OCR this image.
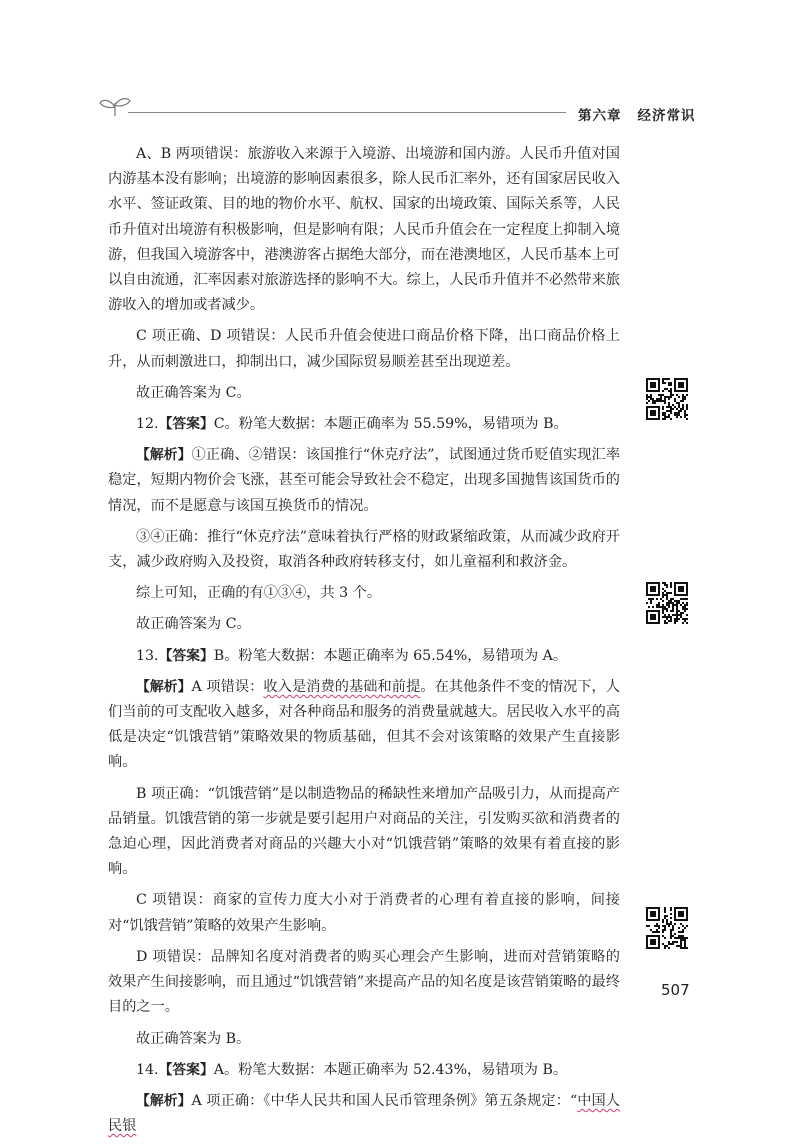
第六章 经济常识

A、B 两项错误：旅游收入来源于入境游、出境游和国内游。人民币升值对国内游基本没有影响；出境游的影响因素很多，除人民币汇率外，还有国家居民收入水平、签证政策、目的地的物价水平、航权、国家的出境政策、国际关系等，人民币升值对出境游有积极影响，但是影响有限；人民币升值会在一定程度上抑制入境游，但我国入境游客中，港澳游客占据绝大部分，而在港澳地区，人民币基本上可以自由流通，汇率因素对旅游选择的影响不大。综上，人民币升值并不必然带来旅游收入的增加或者减少。

C 项正确、D 项错误：人民币升值会使进口商品价格下降，出口商品价格上升，从而刺激进口，抑制出口，减少国际贸易顺差甚至出现逆差。

故正确答案为 C。

12.【答案】C。粉笔大数据：本题正确率为 55.59%，易错项为 B。

【解析】①正确、②错误：该国推行“休克疗法”，试图通过货币贬值实现汇率稳定，短期内物价会飞涨，甚至可能会导致社会不稳定，出现多国抛售该国货币的情况，而不是愿意与该国互换货币的情况。

③④正确：推行“休克疗法”意味着执行严格的财政紧缩政策，从而减少政府开支，减少政府购入及投资，取消各种政府转移支付，如儿童福利和救济金。

综上可知，正确的有①③④，共 3 个。

故正确答案为 C。

13.【答案】B。粉笔大数据：本题正确率为 65.54%，易错项为 A。

【解析】A 项错误：收入是消费的基础和前提。在其他条件不变的情况下，人们当前的可支配收入越多，对各种商品和服务的消费量就越大。居民收入水平的高低是决定“饥饿营销”策略效果的物质基础，但其不会对该策略的效果产生直接影响。

B 项正确：“饥饿营销”是以制造物品的稀缺性来增加产品吸引力，从而提高产品销量。饥饿营销的第一步就是要引起用户对商品的关注，引发购买欲和消费者的急迫心理，因此消费者对商品的兴趣大小对“饥饿营销”策略的效果有着直接的影响。

C 项错误：商家的宣传力度大小对于消费者的心理有着直接的影响，间接对“饥饿营销”策略的效果产生影响。

D 项错误：品牌知名度对消费者的购买心理会产生影响，进而对营销策略的效果产生间接影响，而且通过“饥饿营销”来提高产品的知名度是该营销策略的最终目的之一。

故正确答案为 B。

14.【答案】A。粉笔大数据：本题正确率为 52.43%，易错项为 B。

【解析】A 项正确：《中华人民共和国人民币管理条例》第五条规定：“中国人民银

507
